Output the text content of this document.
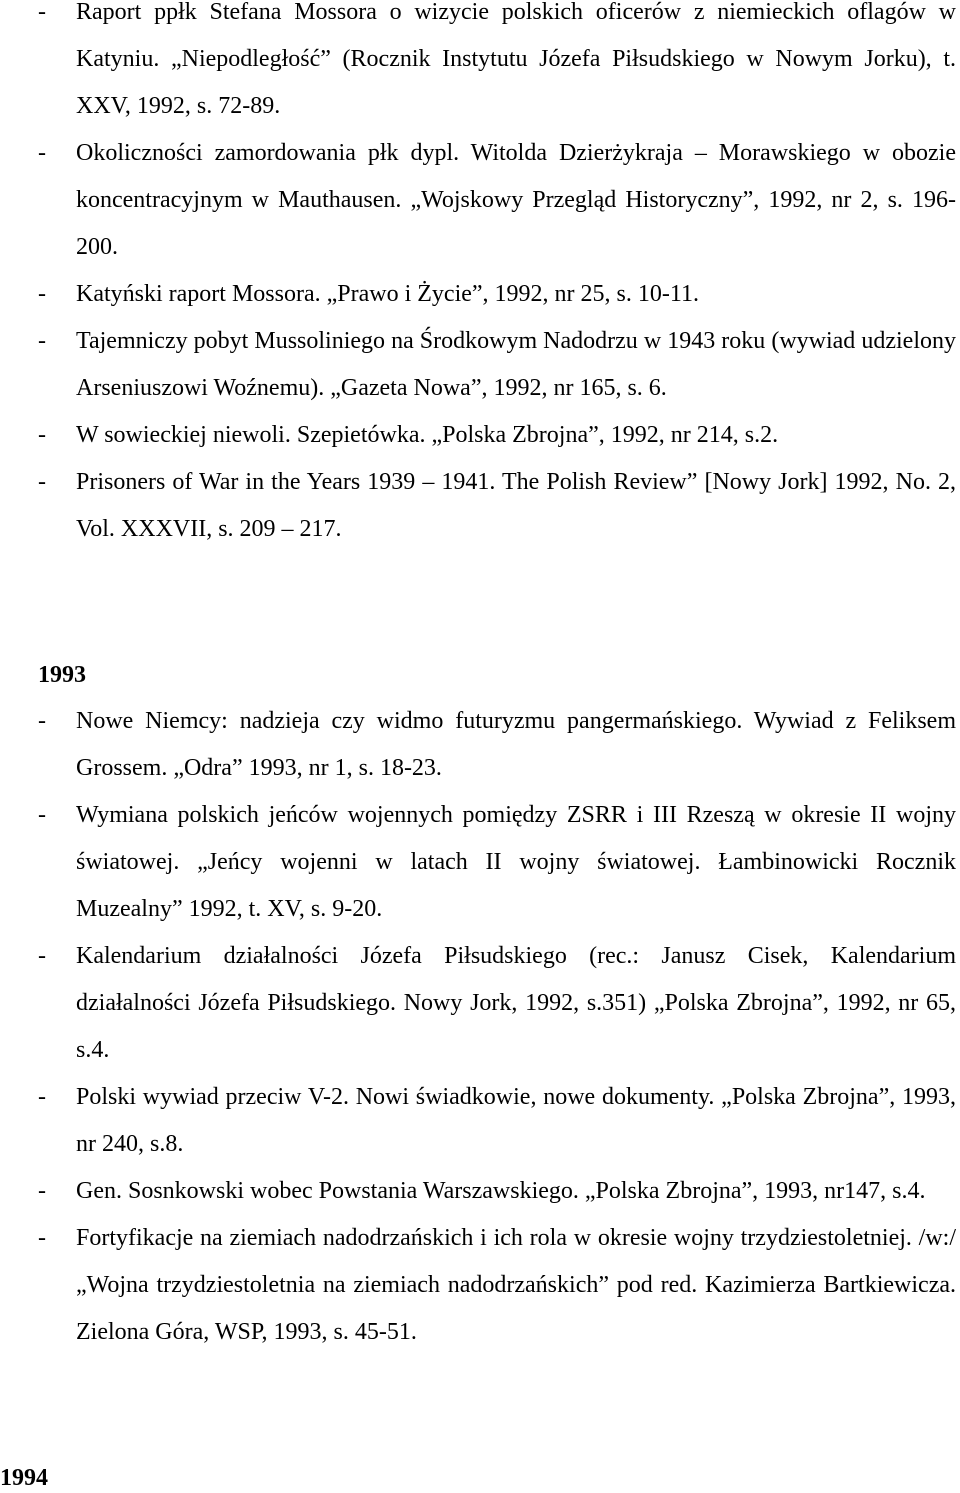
- Raport ppłk Stefana Mossora o wizycie polskich oficerów z niemieckich oflagów w Katyniu. „Niepodległość” (Rocznik Instytutu Józefa Piłsudskiego w Nowym Jorku), t. XXV, 1992, s. 72-89.
- Okoliczności zamordowania płk dypl. Witolda Dzierżykraja – Morawskiego w obozie koncentracyjnym w Mauthausen. „Wojskowy Przegląd Historyczny”, 1992, nr 2, s. 196-200.
- Katyński raport Mossora. „Prawo i Życie”, 1992, nr 25, s. 10-11.
- Tajemniczy pobyt Mussoliniego na Środkowym Nadodrzu w 1943 roku (wywiad udzielony Arseniuszowi Woźnemu). „Gazeta Nowa”, 1992, nr 165, s. 6.
- W sowieckiej niewoli. Szepietówka. „Polska Zbrojna”, 1992, nr 214, s.2.
- Prisoners of War in the Years 1939 – 1941. The Polish Review” [Nowy Jork] 1992, No. 2, Vol. XXXVII, s. 209 – 217.
1993
- Nowe Niemcy: nadzieja czy widmo futuryzmu pangermańskiego. Wywiad z Feliksem Grossem. „Odra” 1993, nr 1, s. 18-23.
- Wymiana polskich jeńców wojennych pomiędzy ZSRR i III Rzeszą w okresie II wojny światowej. „Jeńcy wojenni w latach II wojny światowej. Łambinowicki Rocznik Muzealny” 1992, t. XV, s. 9-20.
- Kalendarium działalności Józefa Piłsudskiego (rec.: Janusz Cisek, Kalendarium działalności Józefa Piłsudskiego. Nowy Jork, 1992, s.351) „Polska Zbrojna”, 1992, nr 65, s.4.
- Polski wywiad przeciw V-2. Nowi świadkowie, nowe dokumenty. „Polska Zbrojna”, 1993, nr 240, s.8.
- Gen. Sosnkowski wobec Powstania Warszawskiego. „Polska Zbrojna”, 1993, nr147, s.4.
- Fortyfikacje na ziemiach nadodrzańskich i ich rola w okresie wojny trzydziestoletniej. /w:/ „Wojna trzydziestoletnia na ziemiach nadodrzańskich” pod red. Kazimierza Bartkiewicza. Zielona Góra, WSP, 1993, s. 45-51.
1994
